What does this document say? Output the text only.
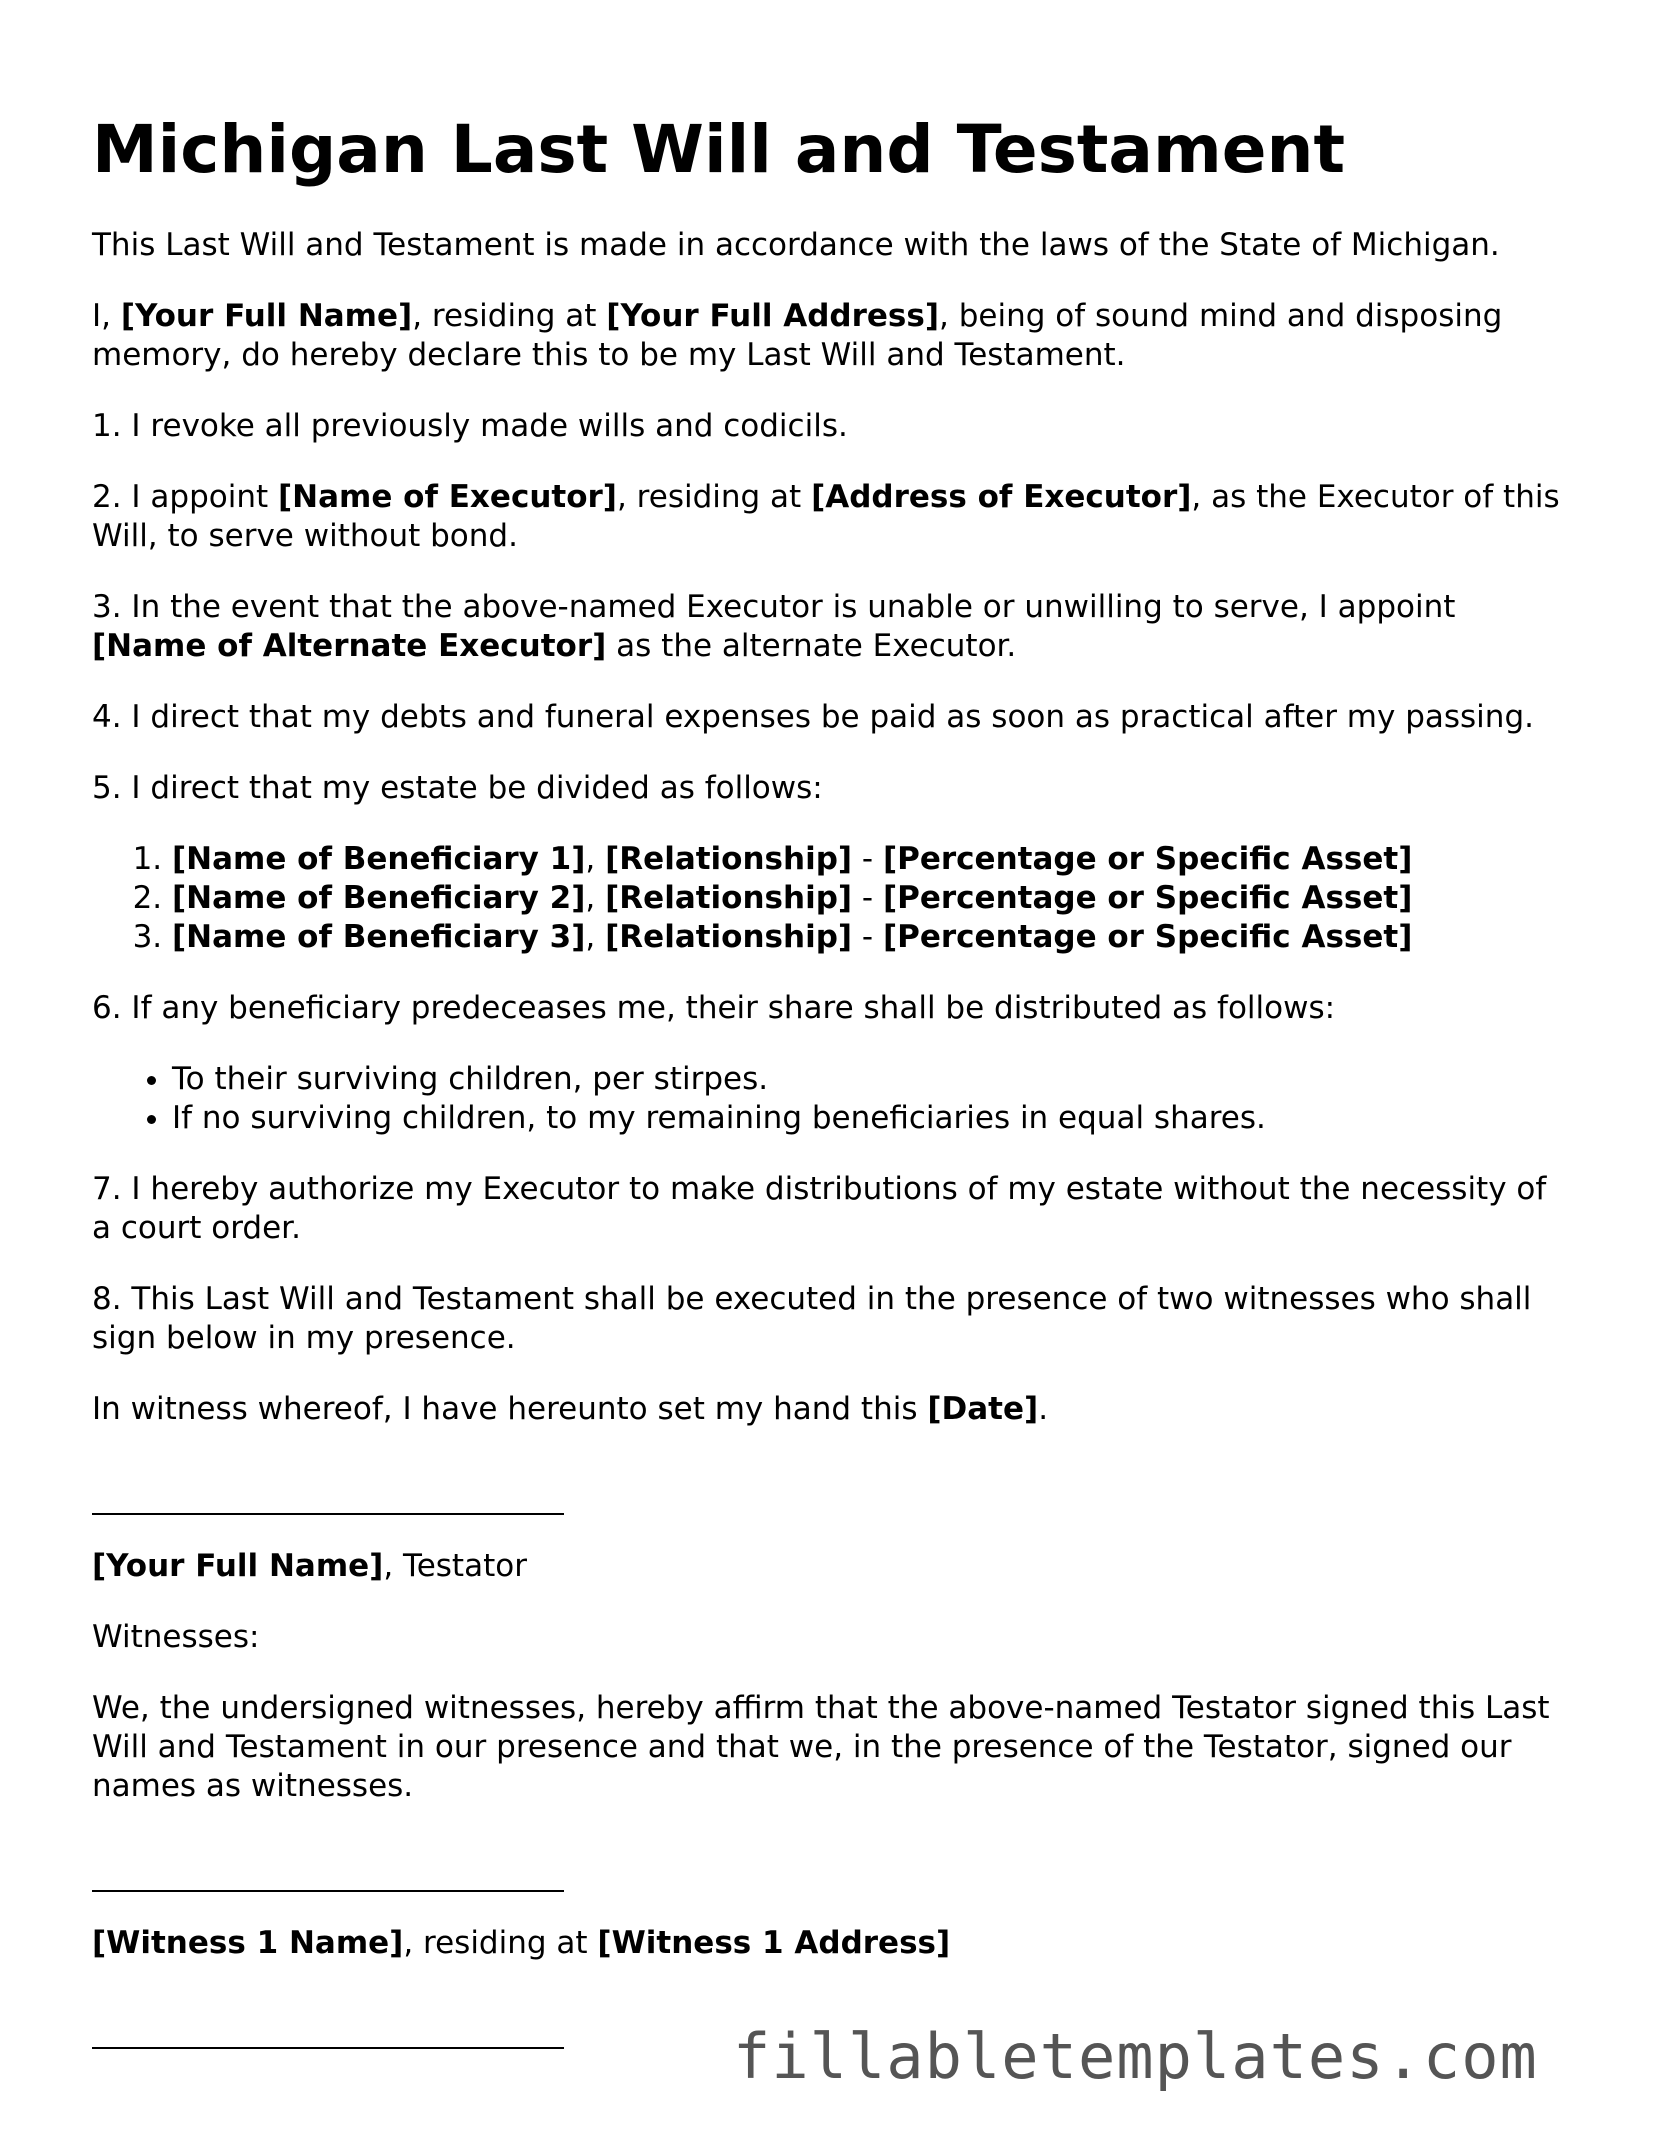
Michigan Last Will and Testament

This Last Will and Testament is made in accordance with the laws of the State of Michigan.

I, [Your Full Name], residing at [Your Full Address], being of sound mind and disposing memory, do hereby declare this to be my Last Will and Testament.

1. I revoke all previously made wills and codicils.

2. I appoint [Name of Executor], residing at [Address of Executor], as the Executor of this Will, to serve without bond.

3. In the event that the above-named Executor is unable or unwilling to serve, I appoint [Name of Alternate Executor] as the alternate Executor.

4. I direct that my debts and funeral expenses be paid as soon as practical after my passing.

5. I direct that my estate be divided as follows:

1. [Name of Beneficiary 1], [Relationship] - [Percentage or Specific Asset]
2. [Name of Beneficiary 2], [Relationship] - [Percentage or Specific Asset]
3. [Name of Beneficiary 3], [Relationship] - [Percentage or Specific Asset]

6. If any beneficiary predeceases me, their share shall be distributed as follows:

• To their surviving children, per stirpes.
• If no surviving children, to my remaining beneficiaries in equal shares.

7. I hereby authorize my Executor to make distributions of my estate without the necessity of a court order.

8. This Last Will and Testament shall be executed in the presence of two witnesses who shall sign below in my presence.

In witness whereof, I have hereunto set my hand this [Date].

[Your Full Name], Testator

Witnesses:

We, the undersigned witnesses, hereby affirm that the above-named Testator signed this Last Will and Testament in our presence and that we, in the presence of the Testator, signed our names as witnesses.

[Witness 1 Name], residing at [Witness 1 Address]

fillabletemplates.com
